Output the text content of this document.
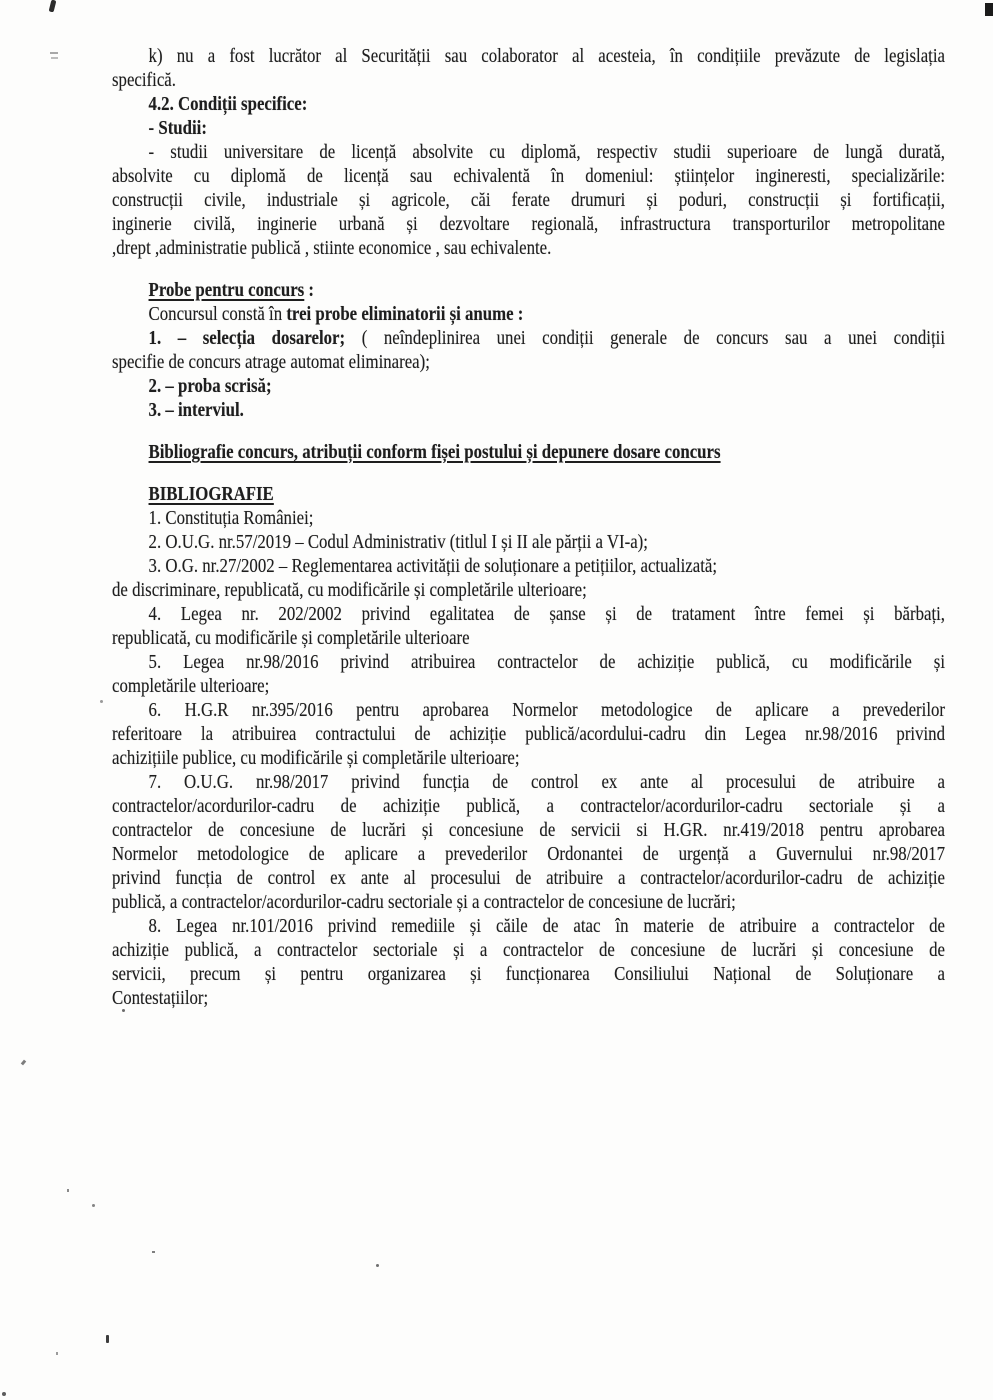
k) nu a fost lucrător al Securității sau colaborator al acesteia, în condițiile prevăzute de legislația
specifică.
4.2. Condiții specifice:
- Studii:
- studii universitare de licență absolvite cu diplomă, respectiv studii superioare de lungă durată,
absolvite cu diplomă de licență sau echivalentă în domeniul: științelor ingineresti, specializările:
construcții civile, industriale și agricole, căi ferate drumuri și poduri, construcții și fortificații,
inginerie civilă, inginerie urbană și dezvoltare regională, infrastructura transporturilor metropolitane
,drept ,administratie publică , stiinte economice , sau echivalente.
Probe pentru concurs :
Concursul constă în trei probe eliminatorii și anume :
1. – selecția dosarelor; ( neîndeplinirea unei condiții generale de concurs sau a unei condiții
specifie de concurs atrage automat eliminarea);
2. – proba scrisă;
3. – interviul.
Bibliografie concurs, atribuții conform fișei postului și depunere dosare concurs
BIBLIOGRAFIE
1. Constituția României;
2. O.U.G. nr.57/2019 – Codul Administrativ (titlul I și II ale părții a VI-a);
3. O.G. nr.27/2002 – Reglementarea activității de soluționare a petițiilor, actualizată;
de discriminare, republicată, cu modificările și completările ulterioare;
4. Legea nr. 202/2002 privind egalitatea de șanse și de tratament între femei și bărbați,
republicată, cu modificările și completările ulterioare
5. Legea nr.98/2016 privind atribuirea contractelor de achiziție publică, cu modificările și
completările ulterioare;
6. H.G.R nr.395/2016 pentru aprobarea Normelor metodologice de aplicare a prevederilor
referitoare la atribuirea contractului de achiziție publică/acordului-cadru din Legea nr.98/2016 privind
achizițiile publice, cu modificările și completările ulterioare;
7. O.U.G. nr.98/2017 privind funcția de control ex ante al procesului de atribuire a
contractelor/acordurilor-cadru de achiziție publică, a contractelor/acordurilor-cadru sectoriale și a
contractelor de concesiune de lucrări și concesiune de servicii si H.GR. nr.419/2018 pentru aprobarea
Normelor metodologice de aplicare a prevederilor Ordonantei de urgență a Guvernului nr.98/2017
privind funcția de control ex ante al procesului de atribuire a contractelor/acordurilor-cadru de achiziție
publică, a contractelor/acordurilor-cadru sectoriale și a contractelor de concesiune de lucrări;
8. Legea nr.101/2016 privind remediile și căile de atac în materie de atribuire a contractelor de
achiziție publică, a contractelor sectoriale și a contractelor de concesiune de lucrări și concesiune de
servicii, precum și pentru organizarea și funcționarea Consiliului Național de Soluționare a
Contestațiilor;
